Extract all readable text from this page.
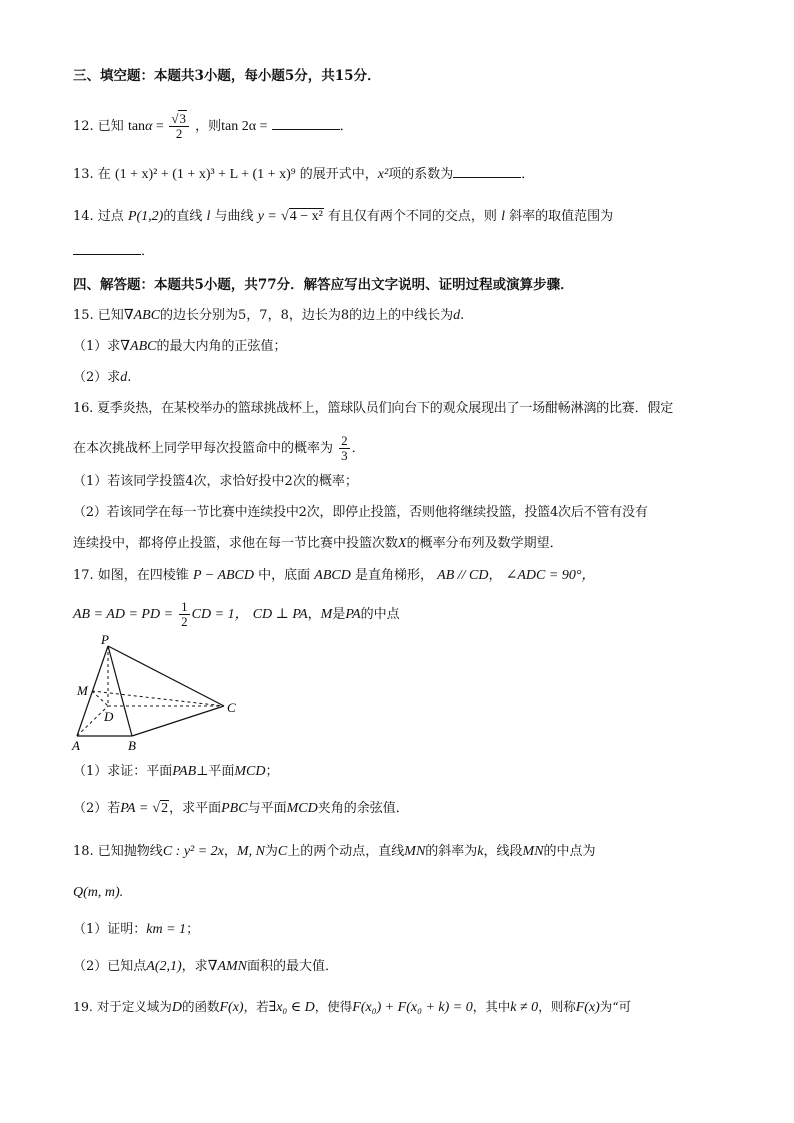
三、填空题：本题共3小题，每小题5分，共15分．
12. 已知 $\tan\alpha = \frac{√3}{2}$ ，则tan 2α =	．
13. 在 (1 + x)² + (1 + x)³ + L + (1 + x)⁹ 的展开式中，x²项的系数为	．
14. 过点 P(1,2)的直线 l 与曲线 y = √4 − x² 有且仅有两个不同的交点，则 l 斜率的取值范围为
．
四、解答题：本题共5小题，共77分．解答应写出文字说明、证明过程或演算步骤．
15. 已知∇ABC的边长分别为5，7，8，边长为8的边上的中线长为d.
（1）求∇ABC的最大内角的正弦值；
（2）求d.
16. 夏季炎热，在某校举办的篮球挑战杯上，篮球队员们向台下的观众展现出了一场酣畅淋漓的比赛．假定
在本次挑战杯上同学甲每次投篮命中的概率为 $\frac{2}{3}$ ．
（1）若该同学投篮4次，求恰好投中2次的概率；
（2）若该同学在每一节比赛中连续投中2次，即停止投篮，否则他将继续投篮，投篮4次后不管有没有
连续投中，都将停止投篮，求他在每一节比赛中投篮次数X的概率分布列及数学期望．
17. 如图，在四棱锥 P − ABCD 中，底面 ABCD 是直角梯形， AB // CD， ∠ADC = 90°，
AB = AD = PD = $\frac{1}{2}$ CD = 1， CD ⊥ PA，M是PA的中点
P
M
D
C
A	B
（1）求证：平面PAB⊥平面MCD；
（2）若PA = √2，求平面PBC与平面MCD夹角的余弦值．
18. 已知抛物线C : y² = 2x，M, N为C上的两个动点，直线MN的斜率为k，线段MN的中点为
Q(m, m).
（1）证明：km = 1；
（2）已知点A(2,1)，求∇AMN面积的最大值．
19. 对于定义域为D的函数F(x)，若∃x₀ ∈ D，使得F(x₀) + F(x₀ + k) = 0，其中k ≠ 0，则称F(x)为“可
